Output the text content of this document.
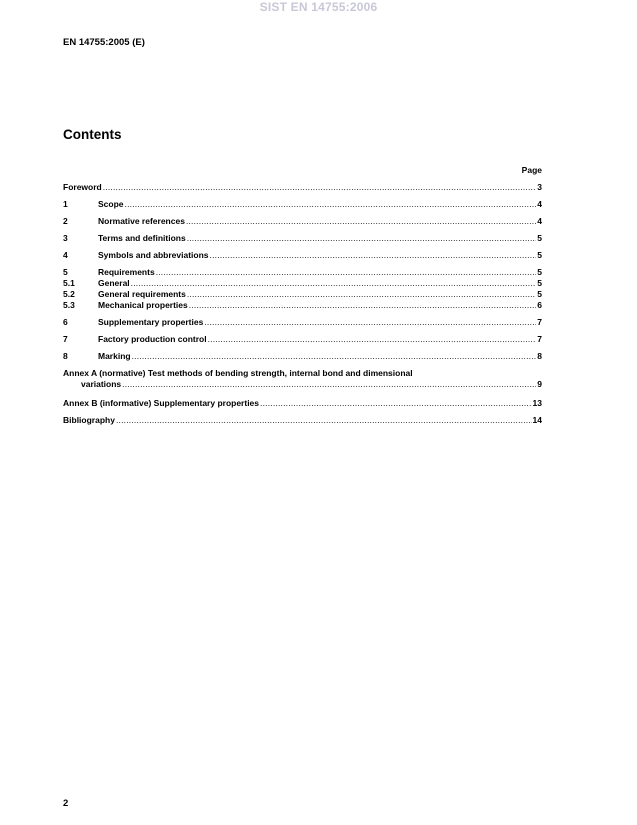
SIST EN 14755:2006
EN 14755:2005 (E)
Contents
Page
Foreword .....	3
1	Scope .....	4
2	Normative references .....	4
3	Terms and definitions .....	5
4	Symbols and abbreviations .....	5
5	Requirements .....	5
5.1	General .....	5
5.2	General requirements .....	5
5.3	Mechanical properties .....	6
6	Supplementary properties .....	7
7	Factory production control .....	7
8	Marking .....	8
Annex A (normative) Test methods of bending strength, internal bond and dimensional
variations .....	9
Annex B (informative) Supplementary properties .....	13
Bibliography .....	14
2
